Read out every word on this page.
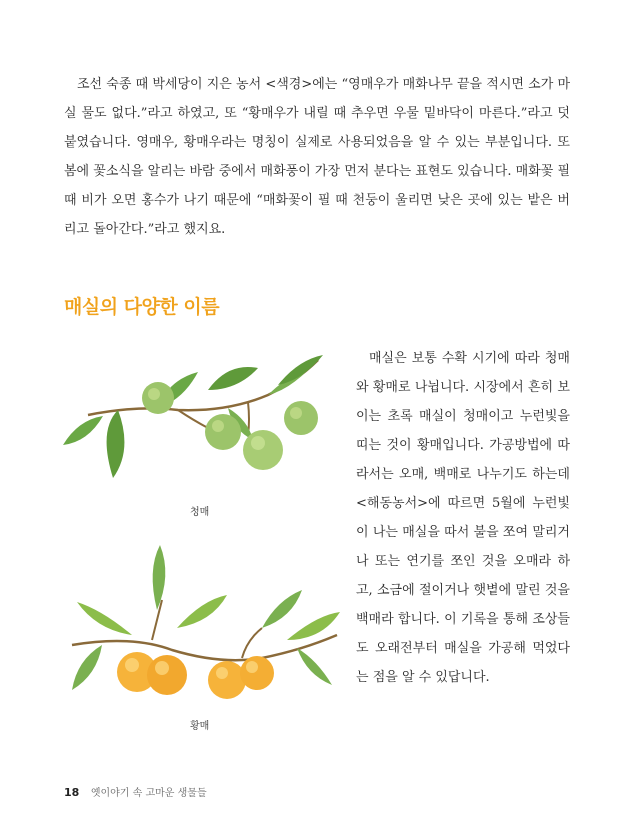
조선 숙종 때 박세당이 지은 농서 <색경>에는 “영매우가 매화나무 끝을 적시면 소가 마실 물도 없다.”라고 하였고, 또 “황매우가 내릴 때 추우면 우물 밑바닥이 마른다.”라고 덧붙였습니다. 영매우, 황매우라는 명칭이 실제로 사용되었음을 알 수 있는 부분입니다. 또 봄에 꽃소식을 알리는 바람 중에서 매화풍이 가장 먼저 분다는 표현도 있습니다. 매화꽃 필 때 비가 오면 홍수가 나기 때문에 “매화꽃이 필 때 천둥이 울리면 낮은 곳에 있는 밭은 버리고 돌아간다.”라고 했지요.

매실의 다양한 이름

매실은 보통 수확 시기에 따라 청매와 황매로 나뉩니다. 시장에서 흔히 보이는 초록 매실이 청매이고 누런빛을 띠는 것이 황매입니다. 가공방법에 따라서는 오매, 백매로 나누기도 하는데 <해동농서>에 따르면 5월에 누런빛이 나는 매실을 따서 불을 쪼여 말리거나 또는 연기를 쪼인 것을 오매라 하고, 소금에 절이거나 햇볕에 말린 것을 백매라 합니다. 이 기록을 통해 조상들도 오래전부터 매실을 가공해 먹었다는 점을 알 수 있답니다.

청매
황매
18 옛이야기 속 고마운 생물들
